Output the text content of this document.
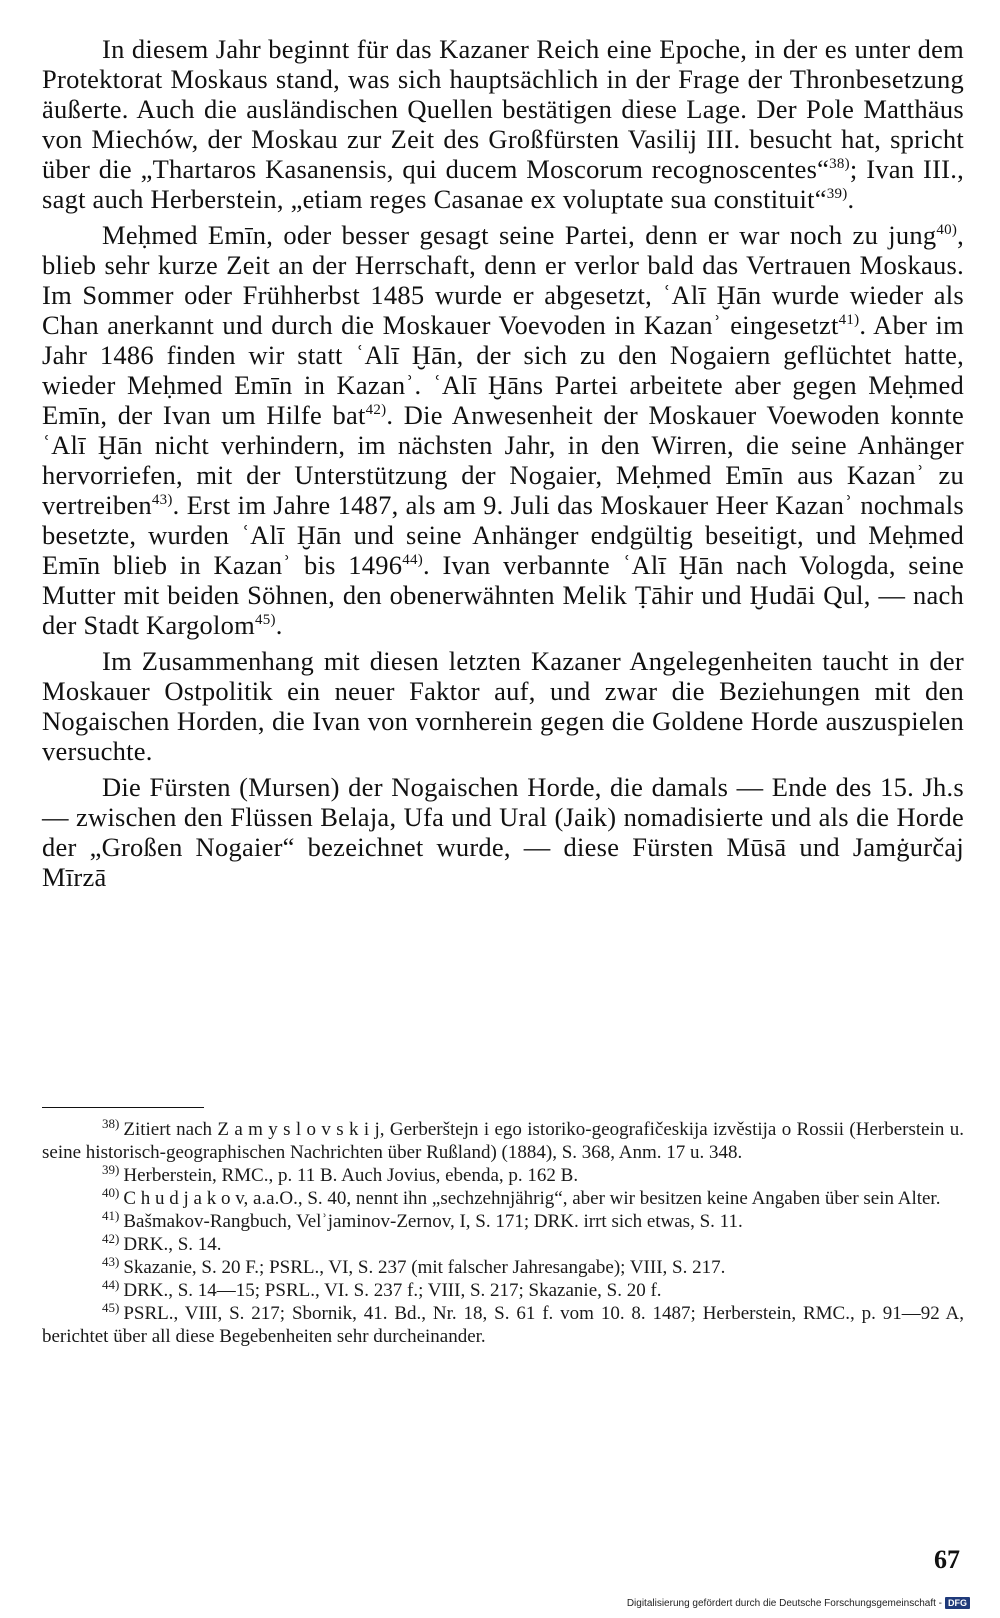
In diesem Jahr beginnt für das Kazaner Reich eine Epoche, in der es unter dem Protektorat Moskaus stand, was sich hauptsächlich in der Frage der Thronbesetzung äußerte. Auch die ausländischen Quellen bestätigen diese Lage. Der Pole Matthäus von Miechów, der Moskau zur Zeit des Großfürsten Vasilij III. besucht hat, spricht über die „Thartaros Kasanensis, qui ducem Moscorum recognoscentes“$^{38)}$; Ivan III., sagt auch Herberstein, „etiam reges Casanae ex voluptate sua constituit“$^{39)}$.

Meḥmed Emīn, oder besser gesagt seine Partei, denn er war noch zu jung$^{40)}$, blieb sehr kurze Zeit an der Herrschaft, denn er verlor bald das Vertrauen Moskaus. Im Sommer oder Frühherbst 1485 wurde er abgesetzt, ʿAlī Ḫān wurde wieder als Chan anerkannt und durch die Moskauer Voevoden in Kazanʾ eingesetzt$^{41)}$. Aber im Jahr 1486 finden wir statt ʿAlī Ḫān, der sich zu den Nogaiern geflüchtet hatte, wieder Meḥmed Emīn in Kazanʾ. ʿAlī Ḫāns Partei arbeitete aber gegen Meḥmed Emīn, der Ivan um Hilfe bat$^{42)}$. Die Anwesenheit der Moskauer Voewoden konnte ʿAlī Ḫān nicht verhindern, im nächsten Jahr, in den Wirren, die seine Anhänger hervorriefen, mit der Unterstützung der Nogaier, Meḥmed Emīn aus Kazanʾ zu vertreiben$^{43)}$. Erst im Jahre 1487, als am 9. Juli das Moskauer Heer Kazanʾ nochmals besetzte, wurden ʿAlī Ḫān und seine Anhänger endgültig beseitigt, und Meḥmed Emīn blieb in Kazanʾ bis 1496$^{44)}$. Ivan verbannte ʿAlī Ḫān nach Vologda, seine Mutter mit beiden Söhnen, den obenerwähnten Melik Ṭāhir und Ḫudāi Qul, — nach der Stadt Kargolom$^{45)}$.

Im Zusammenhang mit diesen letzten Kazaner Angelegenheiten taucht in der Moskauer Ostpolitik ein neuer Faktor auf, und zwar die Beziehungen mit den Nogaischen Horden, die Ivan von vornherein gegen die Goldene Horde auszuspielen versuchte.

Die Fürsten (Mursen) der Nogaischen Horde, die damals — Ende des 15. Jh.s — zwischen den Flüssen Belaja, Ufa und Ural (Jaik) nomadisierte und als die Horde der „Großen Nogaier“ bezeichnet wurde, — diese Fürsten Mūsā und Jamġurčaj Mīrzā

$^{38)}$ Zitiert nach Z a m y s l o v s k i j, Gerberštejn i ego istoriko-geografičeskija izvěstija o Rossii (Herberstein u. seine historisch-geographischen Nachrichten über Rußland) (1884), S. 368, Anm. 17 u. 348.

$^{39)}$ Herberstein, RMC., p. 11 B. Auch Jovius, ebenda, p. 162 B.

$^{40)}$ C h u d j a k o v, a.a.O., S. 40, nennt ihn „sechzehnjährig“, aber wir besitzen keine Angaben über sein Alter.

$^{41)}$ Bašmakov-Rangbuch, Velʾjaminov-Zernov, I, S. 171; DRK. irrt sich etwas, S. 11.

$^{42)}$ DRK., S. 14.

$^{43)}$ Skazanie, S. 20 F.; PSRL., VI, S. 237 (mit falscher Jahresangabe); VIII, S. 217.

$^{44)}$ DRK., S. 14—15; PSRL., VI. S. 237 f.; VIII, S. 217; Skazanie, S. 20 f.

$^{45)}$ PSRL., VIII, S. 217; Sbornik, 41. Bd., Nr. 18, S. 61 f. vom 10. 8. 1487; Herberstein, RMC., p. 91—92 A, berichtet über all diese Begebenheiten sehr durcheinander.

67
Digitalisierung gefördert durch die Deutsche Forschungsgemeinschaft - DFG
